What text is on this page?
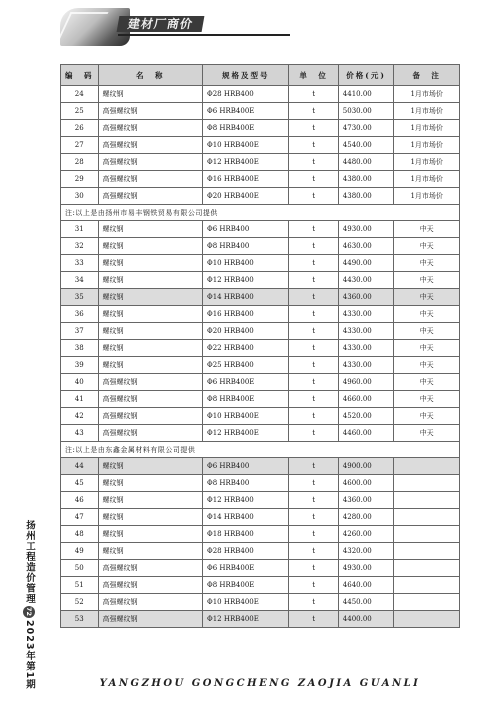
建材厂商价
编　码	名　称	规格及型号	单　位	价格(元)	备　注
24	螺纹钢	Φ28 HRB400	t	4410.00	1月市场价
25	高强螺纹钢	Φ6 HRB400E	t	5030.00	1月市场价
26	高强螺纹钢	Φ8 HRB400E	t	4730.00	1月市场价
27	高强螺纹钢	Φ10 HRB400E	t	4540.00	1月市场价
28	高强螺纹钢	Φ12 HRB400E	t	4480.00	1月市场价
29	高强螺纹钢	Φ16 HRB400E	t	4380.00	1月市场价
30	高强螺纹钢	Φ20 HRB400E	t	4380.00	1月市场价
注:以上是由扬州市易丰钢铁贸易有限公司提供					
31	螺纹钢	Φ6 HRB400	t	4930.00	中天
32	螺纹钢	Φ8 HRB400	t	4630.00	中天
33	螺纹钢	Φ10 HRB400	t	4490.00	中天
34	螺纹钢	Φ12 HRB400	t	4430.00	中天
35	螺纹钢	Φ14 HRB400	t	4360.00	中天
36	螺纹钢	Φ16 HRB400	t	4330.00	中天
37	螺纹钢	Φ20 HRB400	t	4330.00	中天
38	螺纹钢	Φ22 HRB400	t	4330.00	中天
39	螺纹钢	Φ25 HRB400	t	4330.00	中天
40	高强螺纹钢	Φ6 HRB400E	t	4960.00	中天
41	高强螺纹钢	Φ8 HRB400E	t	4660.00	中天
42	高强螺纹钢	Φ10 HRB400E	t	4520.00	中天
43	高强螺纹钢	Φ12 HRB400E	t	4460.00	中天
注:以上是由东鑫金属材料有限公司提供					
44	螺纹钢	Φ6 HRB400	t	4900.00	
45	螺纹钢	Φ8 HRB400	t	4600.00	
46	螺纹钢	Φ12 HRB400	t	4360.00	
47	螺纹钢	Φ14 HRB400	t	4280.00	
48	螺纹钢	Φ18 HRB400	t	4260.00	
49	螺纹钢	Φ28 HRB400	t	4320.00	
50	高强螺纹钢	Φ6 HRB400E	t	4930.00	
51	高强螺纹钢	Φ8 HRB400E	t	4640.00	
52	高强螺纹钢	Φ10 HRB400E	t	4450.00	
53	高强螺纹钢	Φ12 HRB400E	t	4400.00	
扬州工程造价管理722023年第1期	YANGZHOU GONGCHENG ZAOJIA GUANLI
